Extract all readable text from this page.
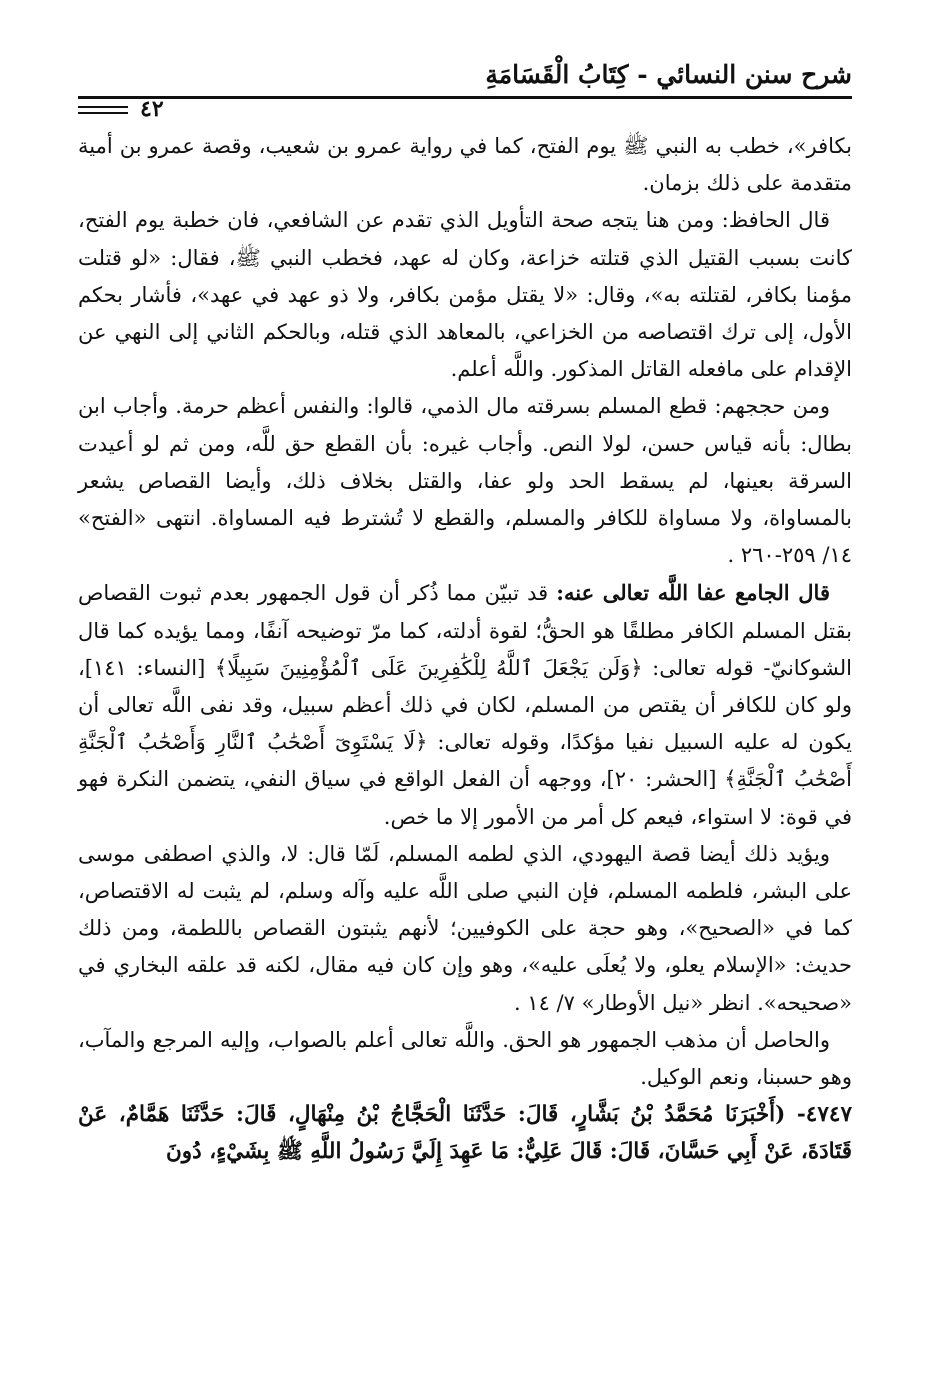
شرح سنن النسائي - كِتَابُ الْقَسَامَةِ
٤٢

بكافر»، خطب به النبي ﷺ يوم الفتح، كما في رواية عمرو بن شعيب، وقصة عمرو بن أمية متقدمة على ذلك بزمان.

قال الحافظ: ومن هنا يتجه صحة التأويل الذي تقدم عن الشافعي، فان خطبة يوم الفتح، كانت بسبب القتيل الذي قتلته خزاعة، وكان له عهد، فخطب النبي ﷺ، فقال: «لو قتلت مؤمنا بكافر، لقتلته به»، وقال: «لا يقتل مؤمن بكافر، ولا ذو عهد في عهد»، فأشار بحكم الأول، إلى ترك اقتصاصه من الخزاعي، بالمعاهد الذي قتله، وبالحكم الثاني إلى النهي عن الإقدام على مافعله القاتل المذكور. واللَّه أعلم.

ومن حججهم: قطع المسلم بسرقته مال الذمي، قالوا: والنفس أعظم حرمة. وأجاب ابن بطال: بأنه قياس حسن، لولا النص. وأجاب غيره: بأن القطع حق للَّه، ومن ثم لو أعيدت السرقة بعينها، لم يسقط الحد ولو عفا، والقتل بخلاف ذلك، وأيضا القصاص يشعر بالمساواة، ولا مساواة للكافر والمسلم، والقطع لا تُشترط فيه المساواة. انتهى «الفتح» ١٤/ ٢٥٩-٢٦٠ .

قال الجامع عفا اللَّه تعالى عنه: قد تبيّن مما ذُكر أن قول الجمهور بعدم ثبوت القصاص بقتل المسلم الكافر مطلقًا هو الحقُّ؛ لقوة أدلته، كما مرّ توضيحه آنفًا، ومما يؤيده كما قال الشوكانيّ- قوله تعالى: ﴿وَلَن يَجْعَلَ ٱللَّهُ لِلْكَٰفِرِينَ عَلَى ٱلْمُؤْمِنِينَ سَبِيلًا﴾ [النساء: ١٤١]، ولو كان للكافر أن يقتص من المسلم، لكان في ذلك أعظم سبيل، وقد نفى اللَّه تعالى أن يكون له عليه السبيل نفيا مؤكدًا، وقوله تعالى: ﴿لَا يَسْتَوِىٓ أَصْحَٰبُ ٱلنَّارِ وَأَصْحَٰبُ ٱلْجَنَّةِ أَصْحَٰبُ ٱلْجَنَّةِ﴾ [الحشر: ٢٠]، ووجهه أن الفعل الواقع في سياق النفي، يتضمن النكرة فهو في قوة: لا استواء، فيعم كل أمر من الأمور إلا ما خص.

ويؤيد ذلك أيضا قصة اليهودي، الذي لطمه المسلم، لَمّا قال: لا، والذي اصطفى موسى على البشر، فلطمه المسلم، فإن النبي صلى اللَّه عليه وآله وسلم، لم يثبت له الاقتصاص، كما في «الصحيح»، وهو حجة على الكوفيين؛ لأنهم يثبتون القصاص باللطمة، ومن ذلك حديث: «الإسلام يعلو، ولا يُعلَى عليه»، وهو وإن كان فيه مقال، لكنه قد علقه البخاري في «صحيحه». انظر «نيل الأوطار» ٧/ ١٤ .

والحاصل أن مذهب الجمهور هو الحق. واللَّه تعالى أعلم بالصواب، وإليه المرجع والمآب، وهو حسبنا، ونعم الوكيل.

٤٧٤٧- (أَخْبَرَنَا مُحَمَّدُ بْنُ بَشَّارٍ، قَالَ: حَدَّثَنَا الْحَجَّاجُ بْنُ مِنْهَالٍ، قَالَ: حَدَّثَنَا هَمَّامٌ، عَنْ قَتَادَةَ، عَنْ أَبِي حَسَّانَ، قَالَ: قَالَ عَلِيٌّ: مَا عَهِدَ إِلَيَّ رَسُولُ اللَّهِ ﷺ بِشَيْءٍ، دُونَ
